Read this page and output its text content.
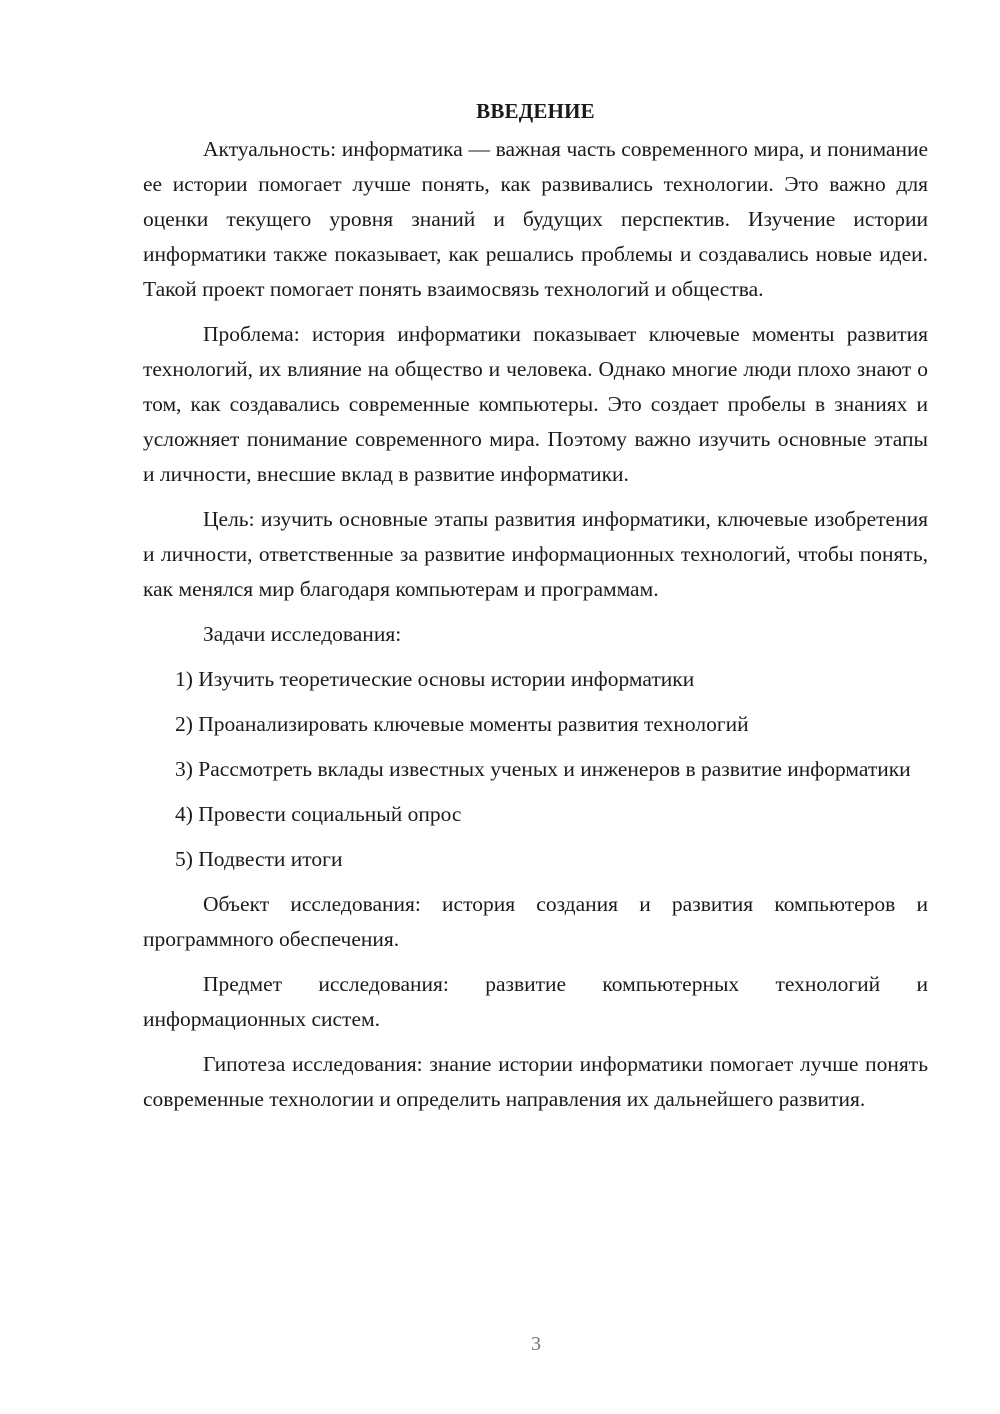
ВВЕДЕНИЕ

Актуальность: информатика — важная часть современного мира, и понимание ее истории помогает лучше понять, как развивались технологии. Это важно для оценки текущего уровня знаний и будущих перспектив. Изучение истории информатики также показывает, как решались проблемы и создавались новые идеи. Такой проект помогает понять взаимосвязь технологий и общества.

Проблема: история информатики показывает ключевые моменты развития технологий, их влияние на общество и человека. Однако многие люди плохо знают о том, как создавались современные компьютеры. Это создает пробелы в знаниях и усложняет понимание современного мира. Поэтому важно изучить основные этапы и личности, внесшие вклад в развитие информатики.

Цель: изучить основные этапы развития информатики, ключевые изобретения и личности, ответственные за развитие информационных технологий, чтобы понять, как менялся мир благодаря компьютерам и программам.

Задачи исследования:

1) Изучить теоретические основы истории информатики

2) Проанализировать ключевые моменты развития технологий

3) Рассмотреть вклады известных ученых и инженеров в развитие информатики

4) Провести социальный опрос

5) Подвести итоги

Объект исследования: история создания и развития компьютеров и программного обеспечения.

Предмет исследования: развитие компьютерных технологий и информационных систем.

Гипотеза исследования: знание истории информатики помогает лучше понять современные технологии и определить направления их дальнейшего развития.

3
